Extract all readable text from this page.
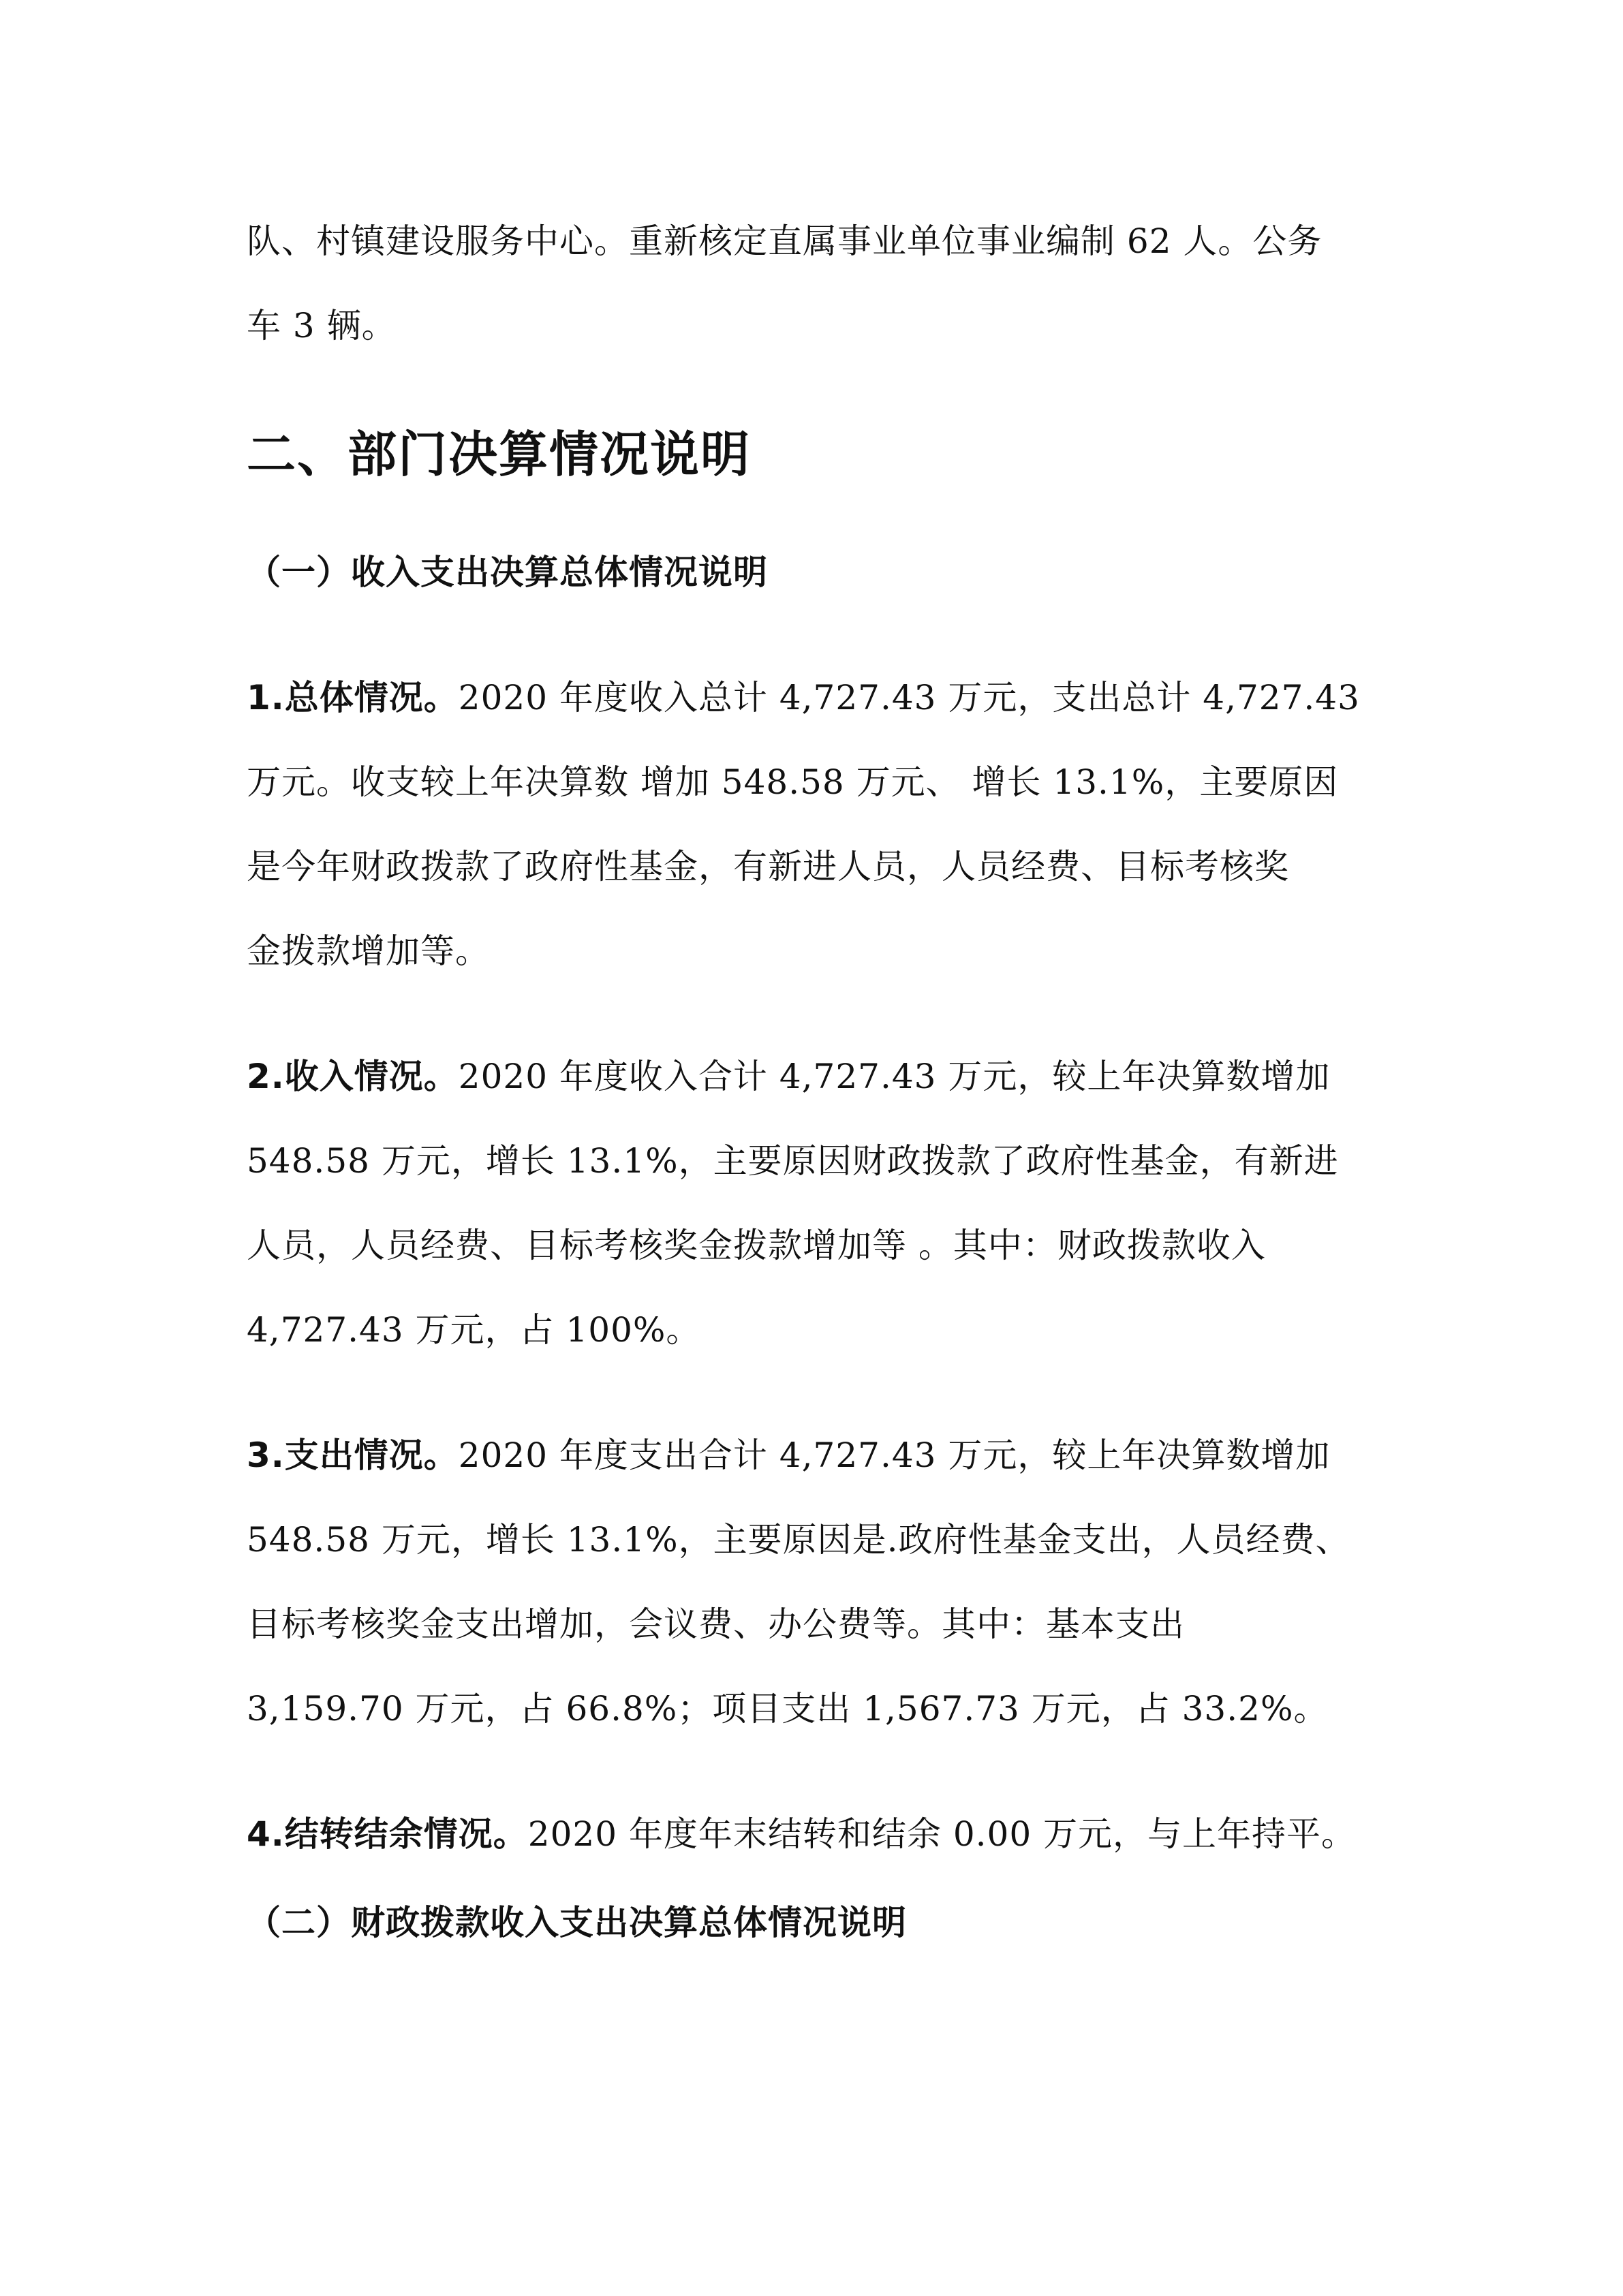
队、村镇建设服务中心。重新核定直属事业单位事业编制 62 人。公务
车 3 辆。
二、部门决算情况说明
（一）收入支出决算总体情况说明
1.总体情况。2020 年度收入总计 4,727.43 万元，支出总计 4,727.43
万元。收支较上年决算数 增加 548.58 万元、 增长 13.1%，主要原因
是今年财政拨款了政府性基金，有新进人员，人员经费、目标考核奖
金拨款增加等。
2.收入情况。2020 年度收入合计 4,727.43 万元，较上年决算数增加
548.58 万元，增长 13.1%，主要原因财政拨款了政府性基金，有新进
人员，人员经费、目标考核奖金拨款增加等 。其中：财政拨款收入
4,727.43 万元，占 100%。
3.支出情况。2020 年度支出合计 4,727.43 万元，较上年决算数增加
548.58 万元，增长 13.1%，主要原因是.政府性基金支出，人员经费、
目标考核奖金支出增加，会议费、办公费等。其中：基本支出
3,159.70 万元，占 66.8%；项目支出 1,567.73 万元，占 33.2%。
4.结转结余情况。2020 年度年末结转和结余 0.00 万元，与上年持平。
（二）财政拨款收入支出决算总体情况说明
